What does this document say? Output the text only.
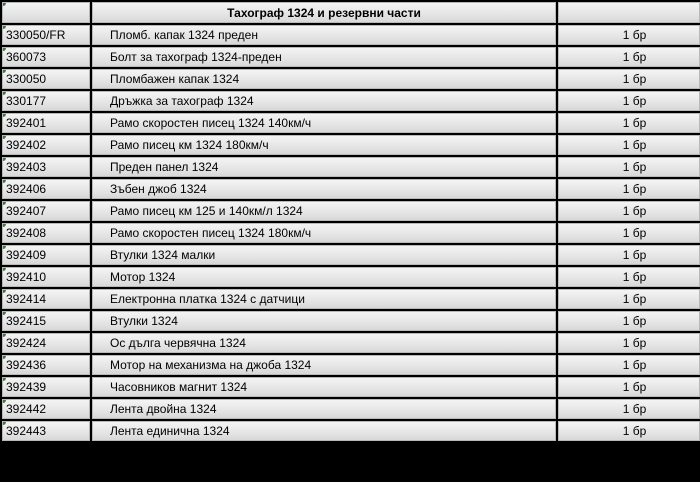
	Тахограф 1324 и резервни части	
330050/FR	Пломб. капак 1324 преден	1 бр
360073	Болт за тахограф 1324-преден	1 бр
330050	Пломбажен капак 1324	1 бр
330177	Дръжка за тахограф 1324	1 бр
392401	Рамо скоростен писец 1324 140км/ч	1 бр
392402	Рамо писец км 1324 180км/ч	1 бр
392403	Преден панел 1324	1 бр
392406	Зъбен джоб 1324	1 бр
392407	Рамо писец км 125 и 140км/л 1324	1 бр
392408	Рамо скоростен писец 1324 180км/ч	1 бр
392409	Втулки 1324 малки	1 бр
392410	Мотор 1324	1 бр
392414	Електронна платка 1324 с датчици	1 бр
392415	Втулки 1324	1 бр
392424	Ос дълга червячна 1324	1 бр
392436	Мотор на механизма на джоба 1324	1 бр
392439	Часовников магнит 1324	1 бр
392442	Лента двойна 1324	1 бр
392443	Лента единична 1324	1 бр
